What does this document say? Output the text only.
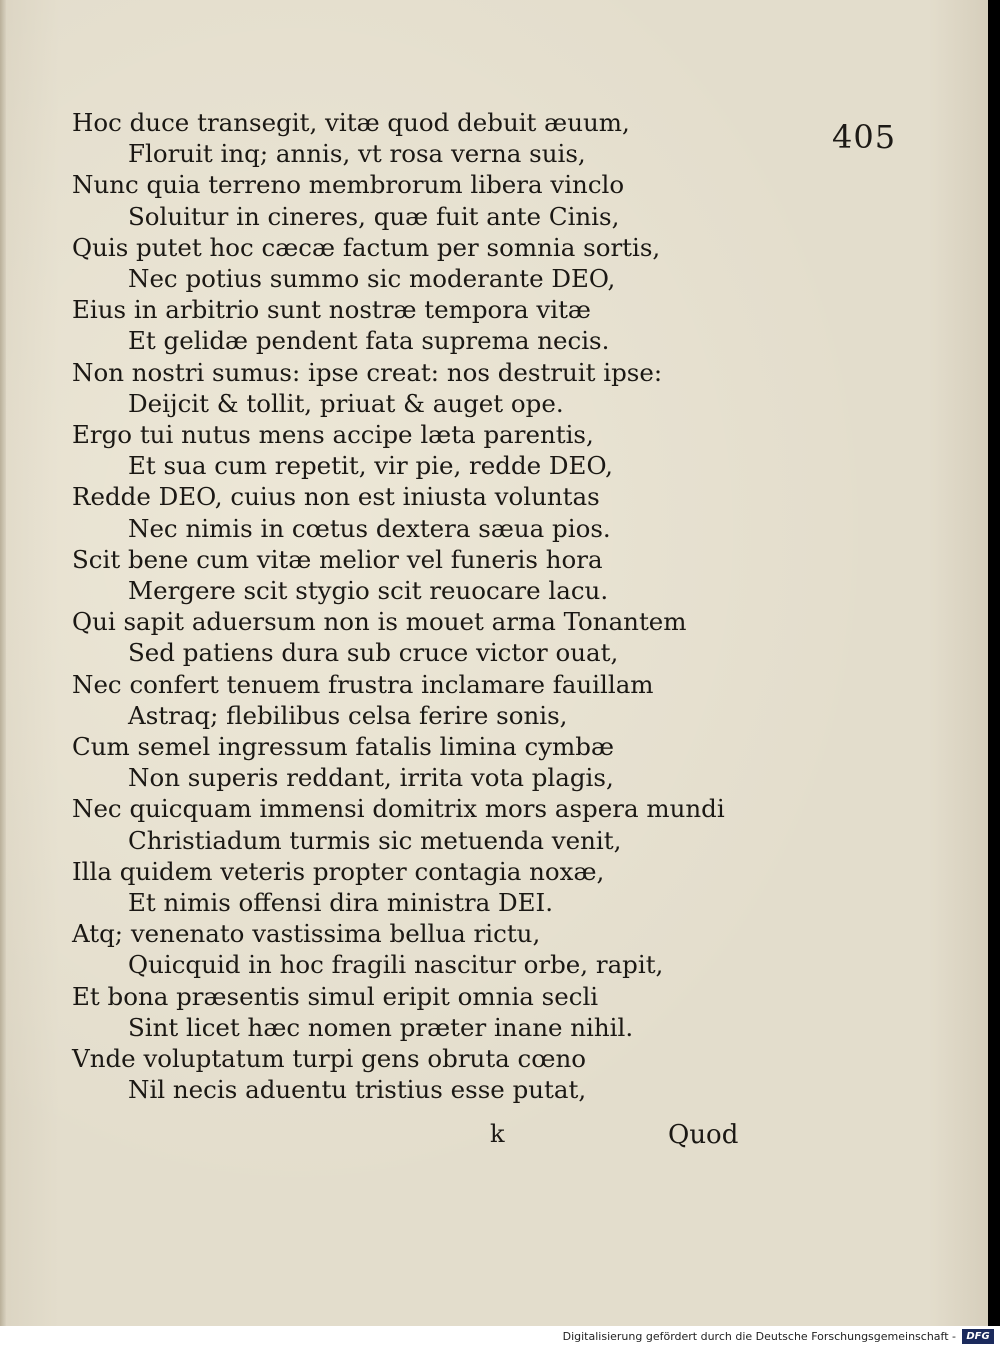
405
Hoc duce transegit, vitæ quod debuit æuum,
Floruit inq; annis, vt rosa verna suis,
Nunc quia terreno membrorum libera vinclo
Soluitur in cineres, quæ fuit ante Cinis,
Quis putet hoc cæcæ factum per somnia sortis,
Nec potius summo sic moderante DEO,
Eius in arbitrio sunt nostræ tempora vitæ
Et gelidæ pendent fata suprema necis.
Non nostri sumus: ipse creat: nos destruit ipse:
Deijcit & tollit, priuat & auget ope.
Ergo tui nutus mens accipe læta parentis,
Et sua cum repetit, vir pie, redde DEO,
Redde DEO, cuius non est iniusta voluntas
Nec nimis in cœtus dextera sæua pios.
Scit bene cum vitæ melior vel funeris hora
Mergere scit stygio scit reuocare lacu.
Qui sapit aduersum non is mouet arma Tonantem
Sed patiens dura sub cruce victor ouat,
Nec confert tenuem frustra inclamare fauillam
Astraq; flebilibus celsa ferire sonis,
Cum semel ingressum fatalis limina cymbæ
Non superis reddant, irrita vota plagis,
Nec quicquam immensi domitrix mors aspera mundi
Christiadum turmis sic metuenda venit,
Illa quidem veteris propter contagia noxæ,
Et nimis offensi dira ministra DEI.
Atq; venenato vastissima bellua rictu,
Quicquid in hoc fragili nascitur orbe, rapit,
Et bona præsentis simul eripit omnia secli
Sint licet hæc nomen præter inane nihil.
Vnde voluptatum turpi gens obruta cœno
Nil necis aduentu tristius esse putat,
k	Quod
Digitalisierung gefördert durch die Deutsche Forschungsgemeinschaft -	DFG
